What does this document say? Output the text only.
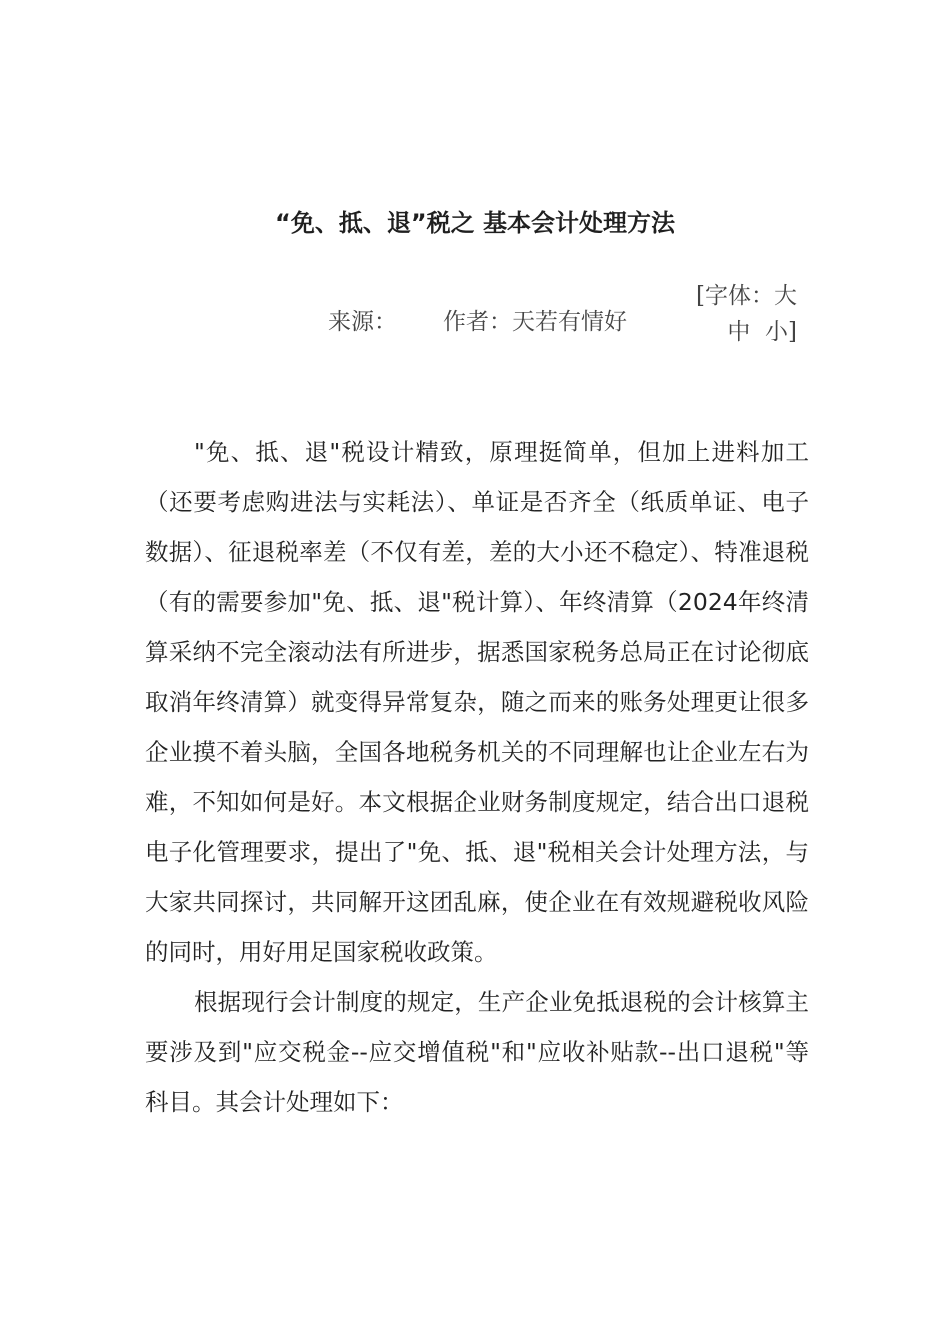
“免、抵、退”税之 基本会计处理方法
来源： 作者：天若有情好
[字体：大
中 小]

"免、抵、退"税设计精致，原理挺简单，但加上进料加工（还要考虑购进法与实耗法）、单证是否齐全（纸质单证、电子数据）、征退税率差（不仅有差，差的大小还不稳定）、特准退税（有的需要参加"免、抵、退"税计算）、年终清算（2024年终清算采纳不完全滚动法有所进步，据悉国家税务总局正在讨论彻底取消年终清算）就变得异常复杂，随之而来的账务处理更让很多企业摸不着头脑，全国各地税务机关的不同理解也让企业左右为难，不知如何是好。本文根据企业财务制度规定，结合出口退税电子化管理要求，提出了"免、抵、退"税相关会计处理方法，与大家共同探讨，共同解开这团乱麻，使企业在有效规避税收风险的同时，用好用足国家税收政策。

根据现行会计制度的规定，生产企业免抵退税的会计核算主要涉及到"应交税金--应交增值税"和"应收补贴款--出口退税"等科目。其会计处理如下：
